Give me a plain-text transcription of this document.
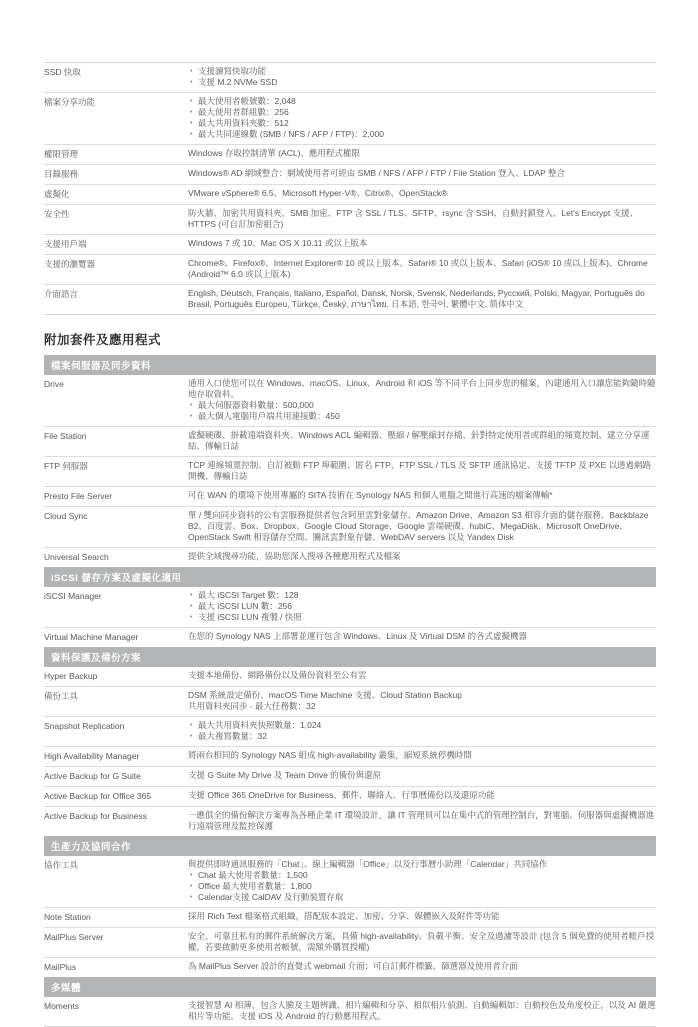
SSD 快取	• 支援讀寫快取功能
• 支援 M.2 NVMe SSD
檔案分享功能	• 最大使用者帳號數：2,048
• 最大使用者群組數：256
• 最大共用資料夾數：512
• 最大共同連線數 (SMB / NFS / AFP / FTP)：2,000
權限管理	Windows 存取控制清單 (ACL)、應用程式權限

目錄服務	Windows® AD 網域整合：網域使用者可經由 SMB / NFS / AFP / FTP / File Station 登入、LDAP 整合

虛擬化	VMware vSphere® 6.5、Microsoft Hyper-V®、Citrix®、OpenStack®

安全性	防火牆、加密共用資料夾、SMB 加密、FTP 含 SSL / TLS、SFTP、rsync 含 SSH、自動封鎖登入、Let's Encrypt 支援、HTTPS (可自訂加密組合)

支援用戶端	Windows 7 或 10、Mac OS X 10.11 或以上版本

支援的瀏覽器	Chrome®、Firefox®、Internet Explorer® 10 或以上版本、Safari® 10 或以上版本、Safari (iOS® 10 或以上版本)、Chrome (Android™ 6.0 或以上版本)

介面語言	English, Deutsch, Français, Italiano, Español, Dansk, Norsk, Svensk, Nederlands, Русский, Polski, Magyar, Português do Brasil, Português Europeu, Türkçe, Český, ภาษาไทย, 日本語, 한국어, 繁體中文, 简体中文

附加套件及應用程式
檔案伺服器及同步資料
Drive	通用入口使您可以在 Windows、macOS、Linux、Android 和 iOS 等不同平台上同步您的檔案，內建通用入口讓您能夠隨時隨地存取資料。

• 最大伺服器資料數量：500,000
• 最大個人電腦用戶端共用連接數：450
File Station	虛擬硬碟、掛載遠端資料夾、Windows ACL 編輯器、壓縮 / 解壓縮封存檔、針對特定使用者或群組的頻寬控制、建立分享連結、傳輸日誌

FTP 伺服器	TCP 連線頻寬控制、自訂被動 FTP 埠範圍、匿名 FTP、FTP SSL / TLS 及 SFTP 通訊協定、支援 TFTP 及 PXE 以透過網路開機、傳輸日誌

Presto File Server	可在 WAN 的環境下使用專屬的 SITA 技術在 Synology NAS 和個人電腦之間進行高速的檔案傳輸*

Cloud Sync	單 / 雙向同步資料的公有雲服務提供者包含阿里雲對象儲存、Amazon Drive、Amazon S3 相容介面的儲存服務、Backblaze B2、百度雲、Box、Dropbox、Google Cloud Storage、Google 雲端硬碟、hubiC、MegaDisk、Microsoft OneDrive、OpenStack Swift 相容儲存空間、騰訊雲對象存儲、WebDAV servers 以及 Yandex Disk

Universal Search	提供全域搜尋功能，協助您深入搜尋各種應用程式及檔案

iSCSI 儲存方案及虛擬化適用
iSCSI Manager	• 最大 iSCSI Target 數：128
• 最大 iSCSI LUN 數：256
• 支援 iSCSI LUN 複製 / 快照
Virtual Machine Manager	在您的 Synology NAS 上部署並運行包含 Windows、Linux 及 Virtual DSM 的各式虛擬機器

資料保護及備份方案
Hyper Backup	支援本地備份、網路備份以及備份資料至公有雲

備份工具	DSM 系統設定備份、macOS Time Machine 支援、Cloud Station Backup

共用資料夾同步 - 最大任務數：32

Snapshot Replication	• 最大共用資料夾快照數量：1,024
• 最大複寫數量：32
High Availability Manager	將兩台相同的 Synology NAS 組成 high-availability 叢集，縮短系統停機時間

Active Backup for G Suite	支援 G Suite My Drive 及 Team Drive 的備份與還原

Active Backup for Office 365	支援 Office 365 OneDrive for Business、郵件、聯絡人、行事曆備份以及還原功能

Active Backup for Business	一應俱全的備份解決方案專為各種企業 IT 環境設計，讓 IT 管理員可以在集中式的管理控制台，對電腦、伺服器與虛擬機器進行遠端管理及監控保護

生產力及協同合作
協作工具	與提供即時通訊服務的「Chat」、線上編輯器「Office」以及行事曆小助理「Calendar」共同協作

• Chat 最大使用者數量：1,500
• Office 最大使用者數量：1,800
• Calendar支援 CalDAV 及行動裝置存取
Note Station	採用 Rich Text 檔案格式組織，搭配版本設定、加密、分享、媒體嵌入及附件等功能

MailPlus Server	安全、可靠且私有的郵件系統解決方案，具備 high-availability、負載平衡、安全及過濾等設計 (包含 5 個免費的使用者帳戶授權，若要啟動更多使用者帳號，需額外購買授權)

MailPlus	為 MailPlus Server 設計的直覺式 webmail 介面；可自訂郵件標籤、篩選器及使用者介面

多媒體
Moments	支援智慧 AI 相簿，包含人臉及主題辨識、相片編輯和分享、相似相片偵測、自動編輯如：自動校色及角度校正，以及 AI 嚴選相片等功能。支援 iOS 及 Android 的行動應用程式。
